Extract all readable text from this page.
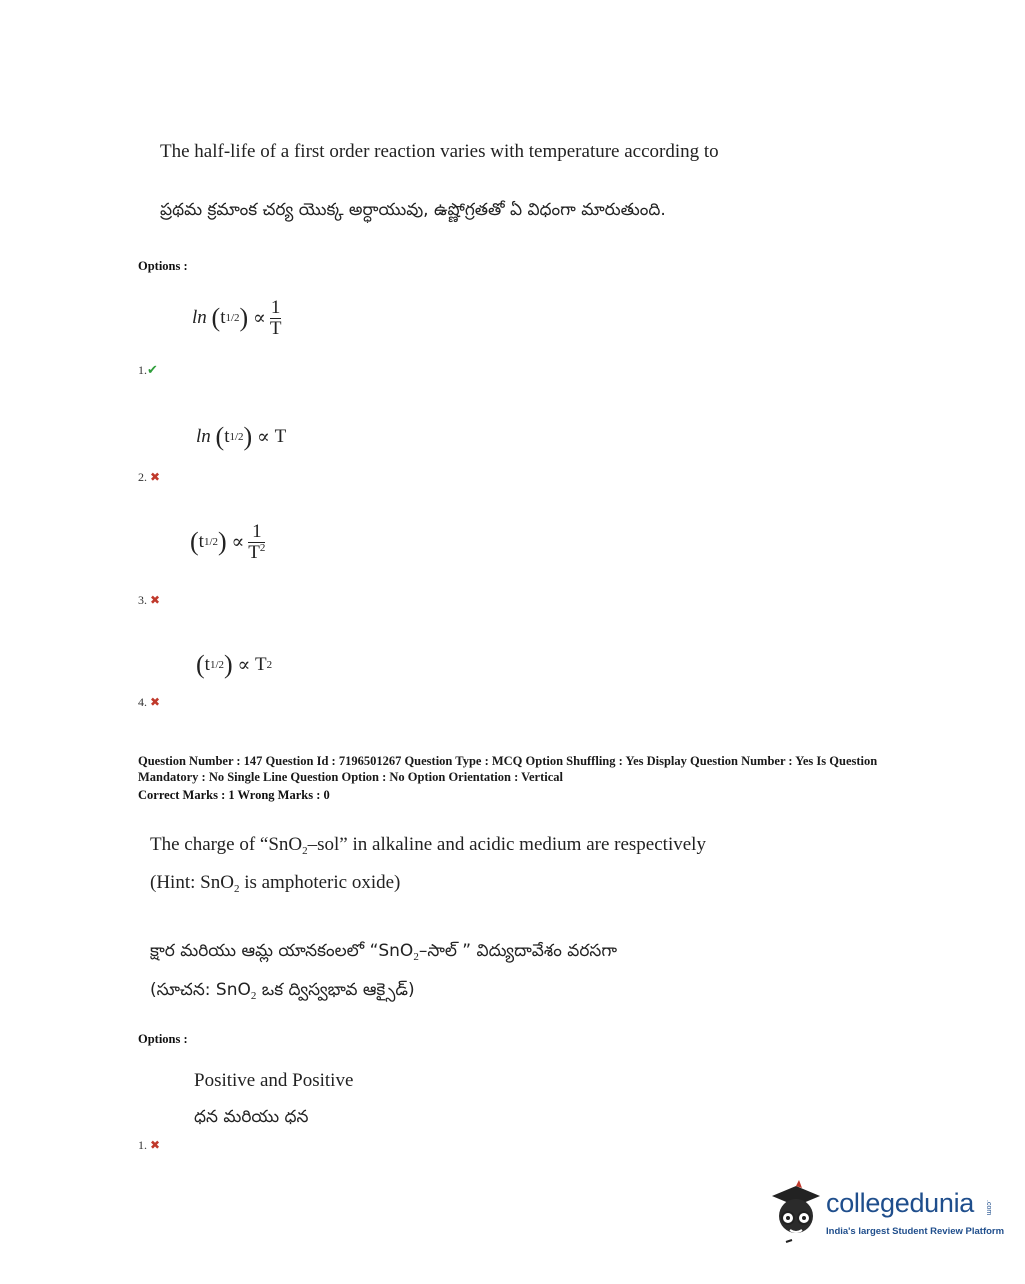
The half-life of a first order reaction varies with temperature according to
ప్రథమ క్రమాంక చర్య యొక్క అర్ధాయువు, ఉష్ణోగ్రతతో ఏ విధంగా మారుతుంది.
Options :
ln
( t 1/2 )
∝ $\frac{1}{T}$
1.✔
ln
( t 1/2 )
∝
T
2. ✖
( t 1/2 )
∝ $\frac{1}{T^2}$
3. ✖
( t 1/2 )
∝
T 2
4. ✖
Question Number : 147 Question Id : 7196501267 Question Type : MCQ Option Shuffling : Yes Display Question Number : Yes Is Question Mandatory : No Single Line Question Option : No Option Orientation : Vertical
Correct Marks : 1 Wrong Marks : 0
The charge of “SnO$_2$–sol” in alkaline and acidic medium are respectively
(Hint: SnO$_2$ is amphoteric oxide)
క్షార మరియు ఆమ్ల యానకంలలో “SnO$_2$–సాల్ ” విద్యుదావేశం వరసగా
(సూచన: SnO$_2$ ఒక ద్విస్వభావ ఆక్సైడ్)
Options :
Positive and Positive
ధన మరియు ధన
1. ✖
collegedunia .com
India's largest Student Review Platform
